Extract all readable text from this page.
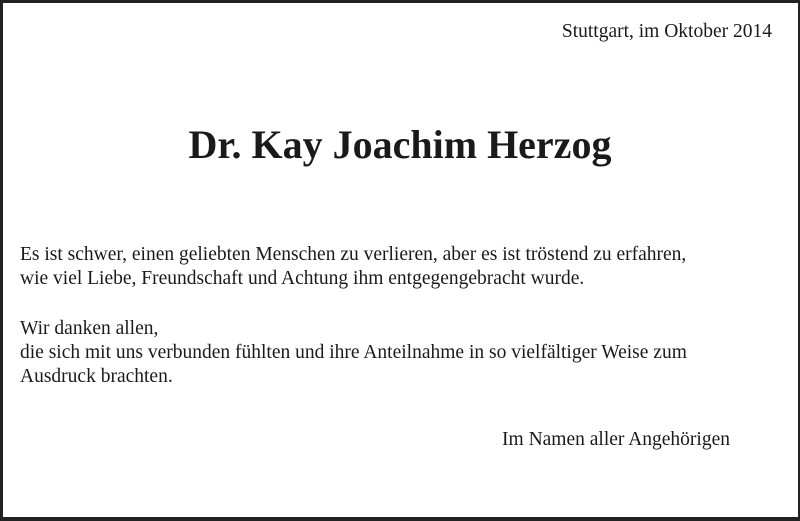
Stuttgart, im Oktober 2014
Dr. Kay Joachim Herzog
Es ist schwer, einen geliebten Menschen zu verlieren, aber es ist tröstend zu erfahren,
wie viel Liebe, Freundschaft und Achtung ihm entgegengebracht wurde.
Wir danken allen,
die sich mit uns verbunden fühlten und ihre Anteilnahme in so vielfältiger Weise zum
Ausdruck brachten.
Im Namen aller Angehörigen
